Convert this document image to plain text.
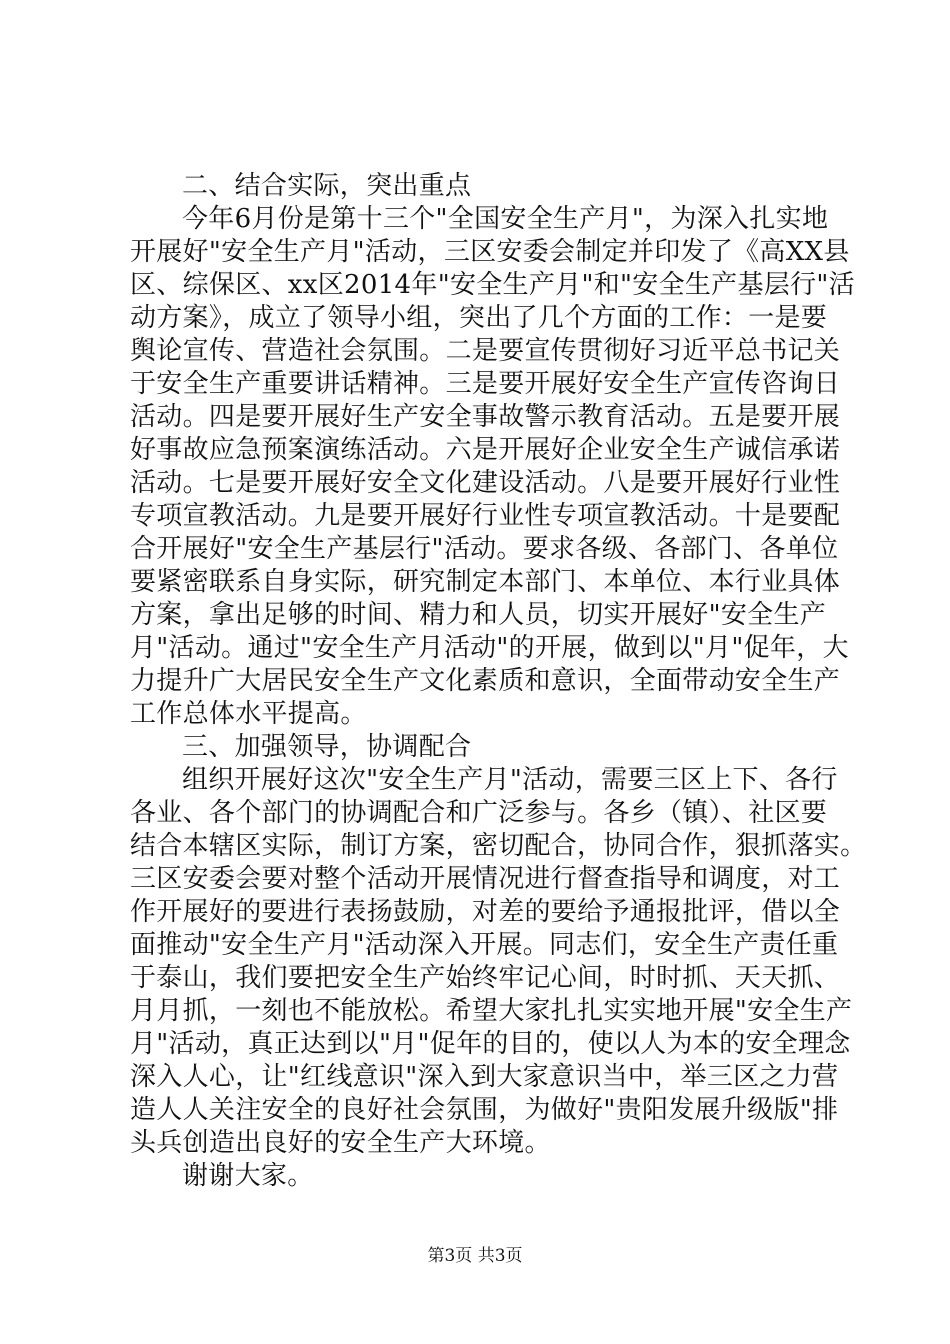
二、结合实际，突出重点
今年6月份是第十三个"全国安全生产月"，为深入扎实地
开展好"安全生产月"活动，三区安委会制定并印发了《高XX县
区、综保区、xx区2014年"安全生产月"和"安全生产基层行"活
动方案》，成立了领导小组，突出了几个方面的工作：一是要
舆论宣传、营造社会氛围。二是要宣传贯彻好习近平总书记关
于安全生产重要讲话精神。三是要开展好安全生产宣传咨询日
活动。四是要开展好生产安全事故警示教育活动。五是要开展
好事故应急预案演练活动。六是开展好企业安全生产诚信承诺
活动。七是要开展好安全文化建设活动。八是要开展好行业性
专项宣教活动。九是要开展好行业性专项宣教活动。十是要配
合开展好"安全生产基层行"活动。要求各级、各部门、各单位
要紧密联系自身实际，研究制定本部门、本单位、本行业具体
方案，拿出足够的时间、精力和人员，切实开展好"安全生产
月"活动。通过"安全生产月活动"的开展，做到以"月"促年，大
力提升广大居民安全生产文化素质和意识，全面带动安全生产
工作总体水平提高。
三、加强领导，协调配合
组织开展好这次"安全生产月"活动，需要三区上下、各行
各业、各个部门的协调配合和广泛参与。各乡（镇）、社区要
结合本辖区实际，制订方案，密切配合，协同合作，狠抓落实。
三区安委会要对整个活动开展情况进行督查指导和调度，对工
作开展好的要进行表扬鼓励，对差的要给予通报批评，借以全
面推动"安全生产月"活动深入开展。同志们，安全生产责任重
于泰山，我们要把安全生产始终牢记心间，时时抓、天天抓、
月月抓，一刻也不能放松。希望大家扎扎实实地开展"安全生产
月"活动，真正达到以"月"促年的目的，使以人为本的安全理念
深入人心，让"红线意识"深入到大家意识当中，举三区之力营
造人人关注安全的良好社会氛围，为做好"贵阳发展升级版"排
头兵创造出良好的安全生产大环境。
谢谢大家。
第3页 共3页
